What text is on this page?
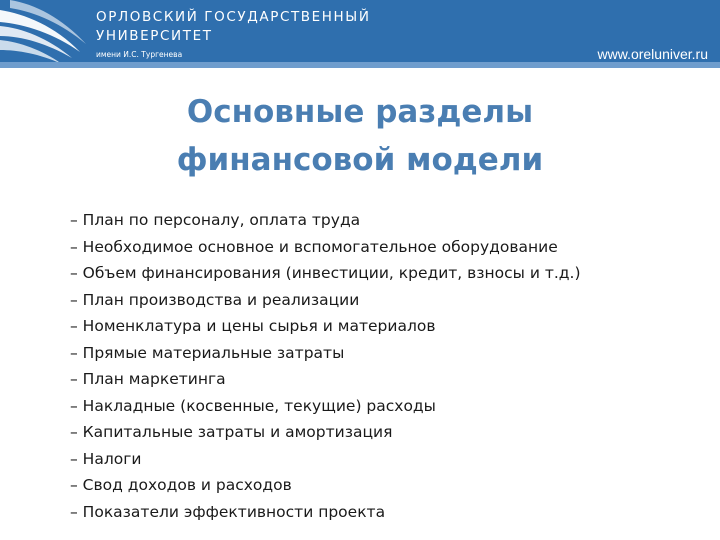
ОРЛОВСКИЙ ГОСУДАРСТВЕННЫЙ
УНИВЕРСИТЕТ
имени И.С. Тургенева	www.oreluniver.ru
Основные разделы
финансовой модели
– План по персоналу, оплата труда
– Необходимое основное и вспомогательное оборудование
– Объем финансирования (инвестиции, кредит, взносы и т.д.)
– План производства и реализации
– Номенклатура и цены сырья и материалов
– Прямые материальные затраты
– План маркетинга
– Накладные (косвенные, текущие) расходы
– Капитальные затраты и амортизация
– Налоги
– Свод доходов и расходов
– Показатели эффективности проекта
